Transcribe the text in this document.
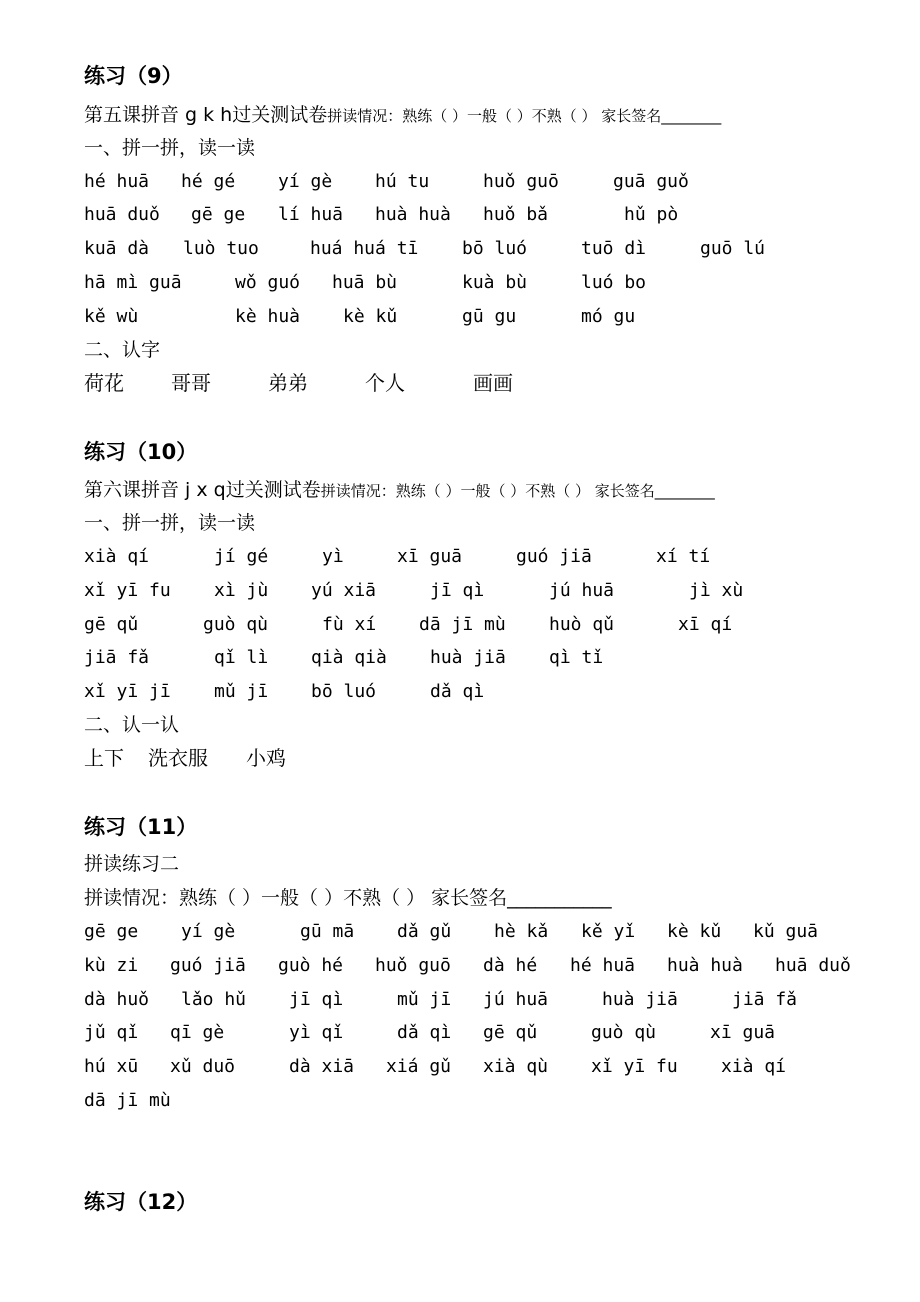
练习（9）
第五课拼音 g k h过关测试卷拼读情况：熟练（ ）一般（ ）不熟（ ） 家长签名________
一、拼一拼，读一读
hé huā hé gé yí gè hú tu	huǒ guō	guā guǒ
huā duǒ gē ge lí huā huà huà huǒ bǎ	hǔ pò
kuā dà luò tuo	huá huá tī bō luó	tuō dì	guō lú
hā mì guā	wǒ guó huā bù	kuà bù	luó bo
kě wù	kè huà kè kǔ	gū gu	mó gu
二、认字
荷花 哥哥	弟弟	个人	画画
练习（10）
第六课拼音 j x q过关测试卷拼读情况：熟练（ ）一般（ ）不熟（ ） 家长签名________
一、拼一拼，读一读
xià qí	jí gé	yì	xī guā	guó jiā	xí tí
xǐ yī fu xì jù yú xiā	jī qì	jú huā	jì xù
gē qǔ	guò qù	fù xí dā jī mù huò qǔ	xī qí
jiā fǎ	qǐ lì qià qià huà jiā qì tǐ
xǐ yī jī mǔ jī bō luó	dǎ qì
二、认一认
上下 洗衣服 小鸡
练习（11）
拼读练习二
拼读情况：熟练（ ）一般（ ）不熟（ ） 家长签名___________
gē ge yí gè	gū mā dǎ gǔ hè kǎ kě yǐ kè kǔ kǔ guā
kù zi guó jiā guò hé huǒ guō dà hé hé huā huà huà huā duǒ
dà huǒ lǎo hǔ jī qì	mǔ jī jú huā	huà jiā	jiā fǎ
jǔ qǐ qī gè	yì qǐ	dǎ qì gē qǔ	guò qù	xī guā
hú xū xǔ duō	dà xiā xiá gǔ xià qù xǐ yī fu xià qí
dā jī mù
练习（12）
